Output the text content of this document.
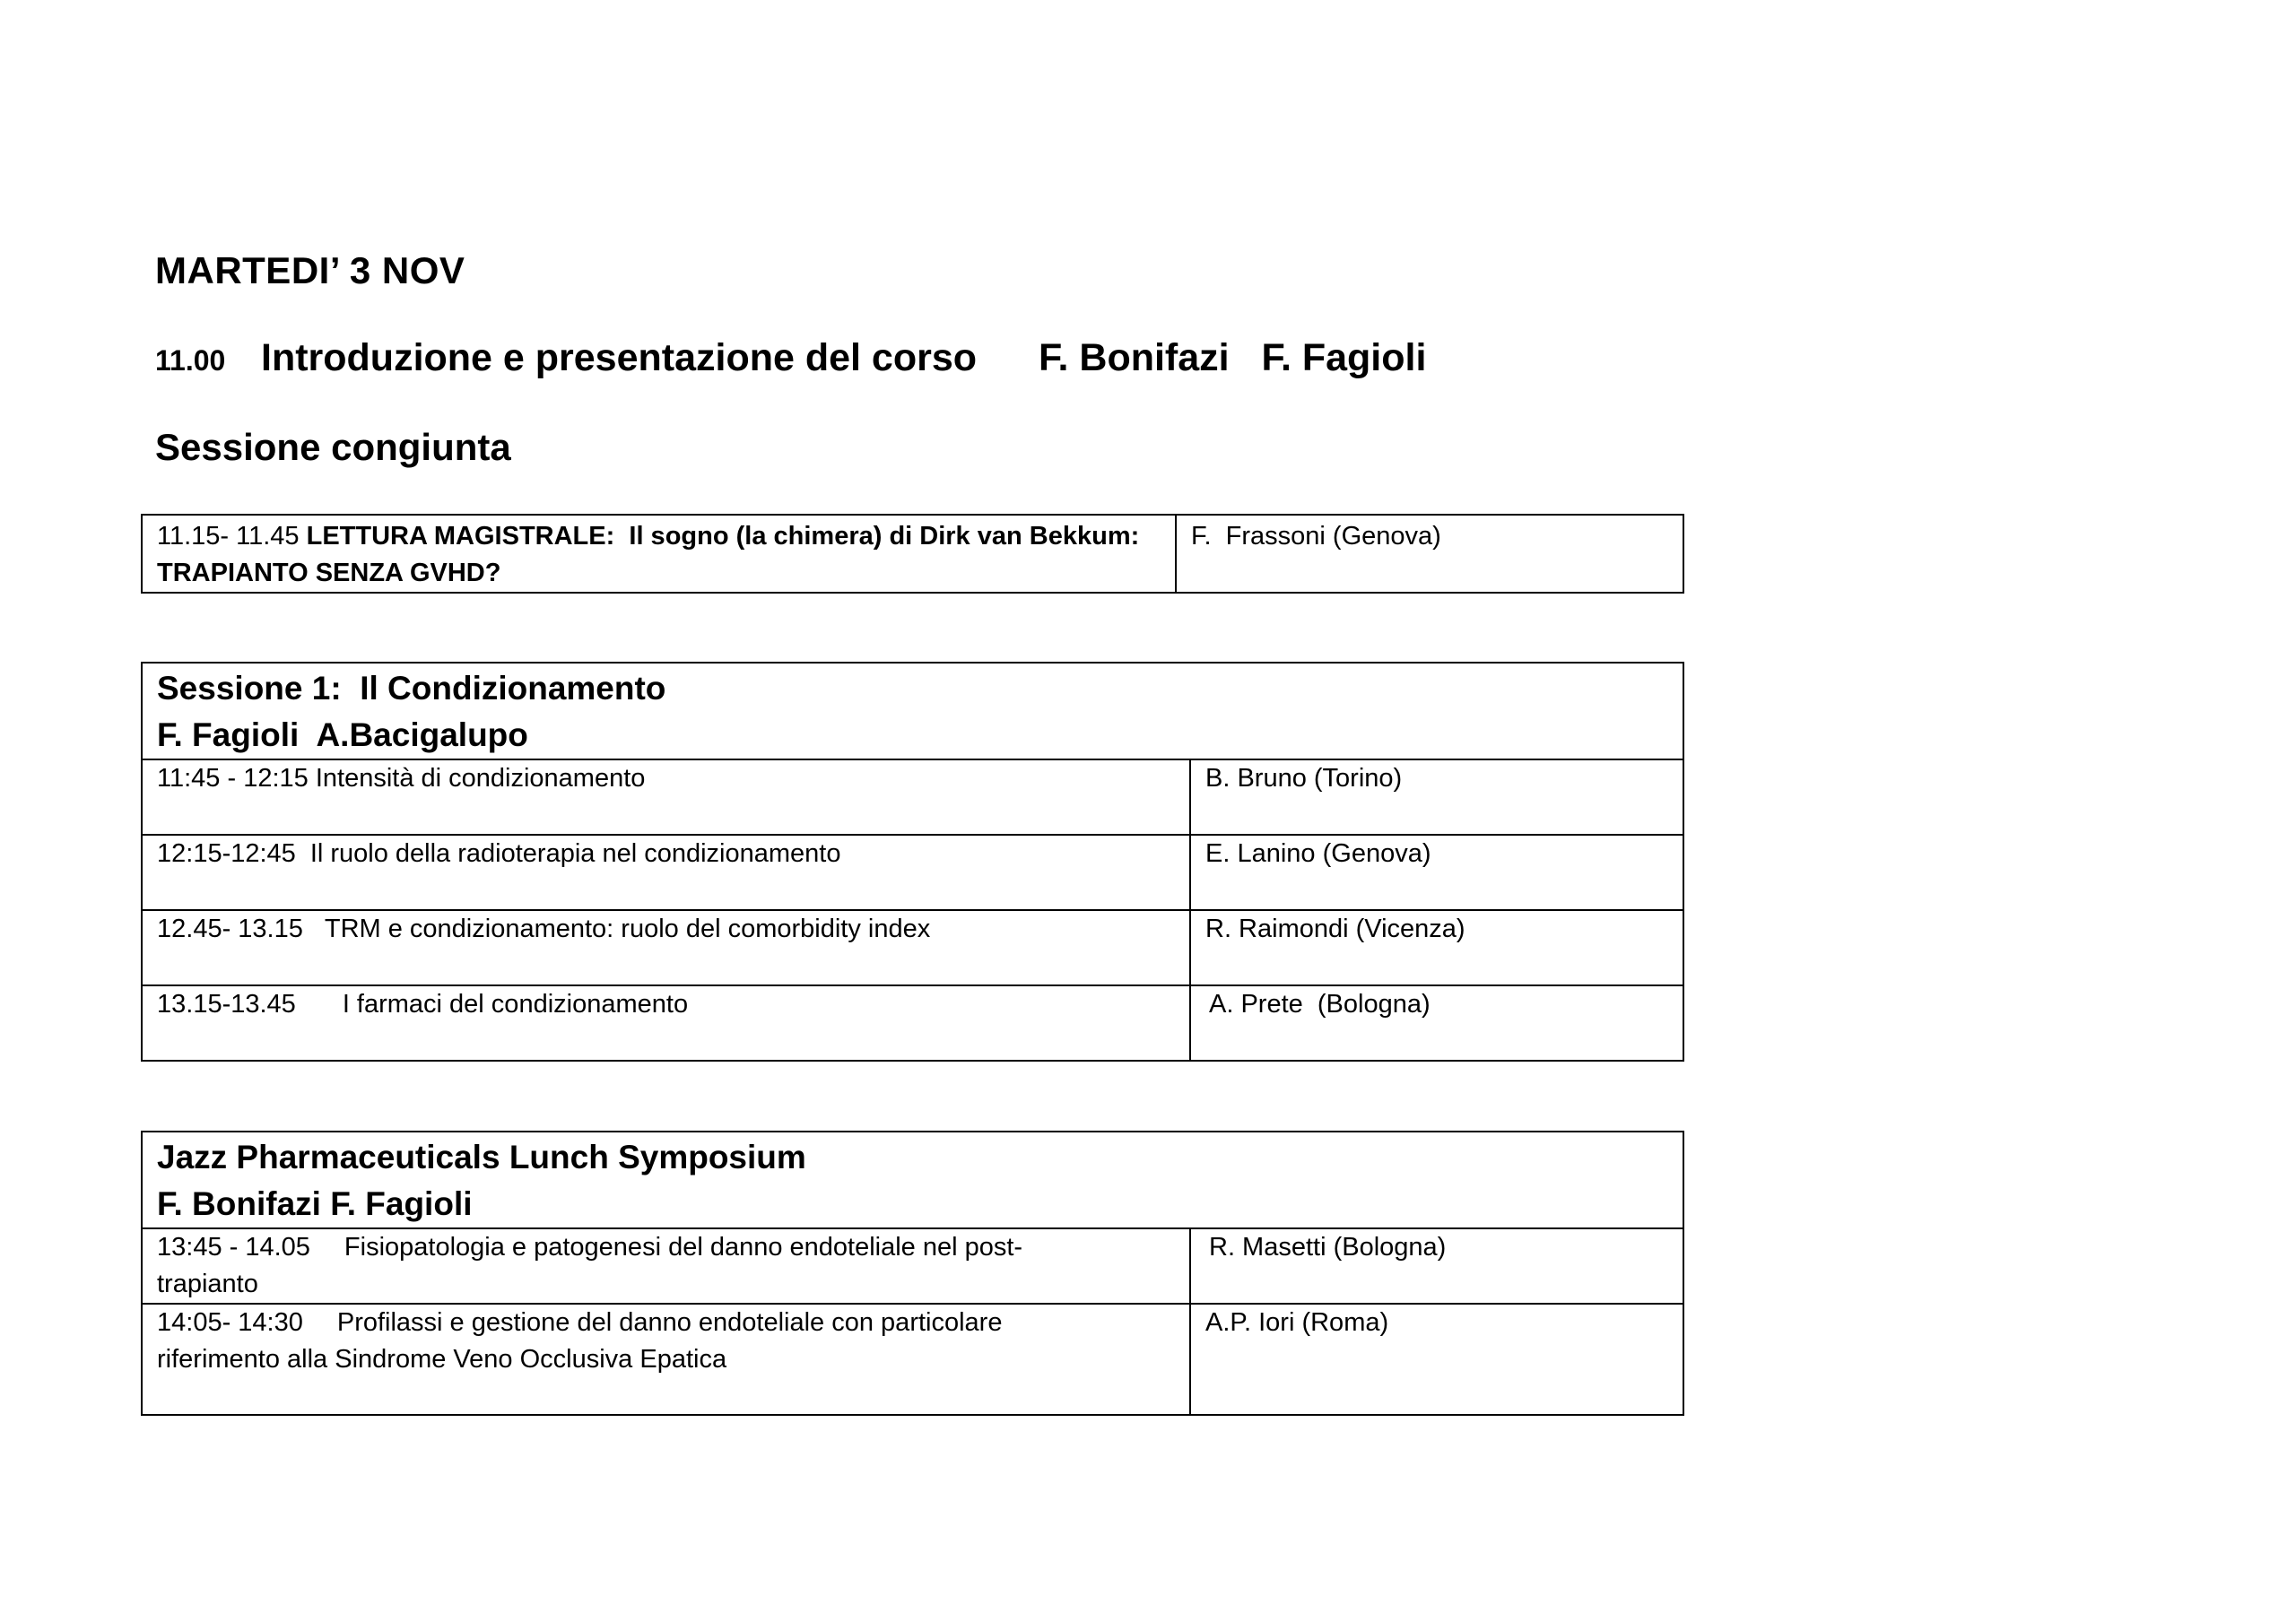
MARTEDI’ 3 NOV
11.00 Introduzione e presentazione del corso F. Bonifazi   F. Fagioli
Sessione congiunta
11.15- 11.45 LETTURA MAGISTRALE:  Il sogno (la chimera) di Dirk van Bekkum:
TRAPIANTO SENZA GVHD?	F.  Frassoni (Genova)
Sessione 1:  Il Condizionamento
F. Fagioli  A.Bacigalupo	

11:45 - 12:15 Intensità di condizionamento	B. Bruno (Torino)
12:15-12:45 Il ruolo della radioterapia nel condizionamento	E. Lanino (Genova)
12.45- 13.15 TRM e condizionamento: ruolo del comorbidity index	R. Raimondi (Vicenza)
13.15-13.45 I farmaci del condizionamento	A. Prete  (Bologna)
Jazz Pharmaceuticals Lunch Symposium
F. Bonifazi F. Fagioli	

13:45 - 14.05 Fisiopatologia e patogenesi del danno endoteliale nel post-
trapianto	R. Masetti (Bologna)
14:05- 14:30 Profilassi e gestione del danno endoteliale con particolare
riferimento alla Sindrome Veno Occlusiva Epatica	A.P. Iori (Roma)
